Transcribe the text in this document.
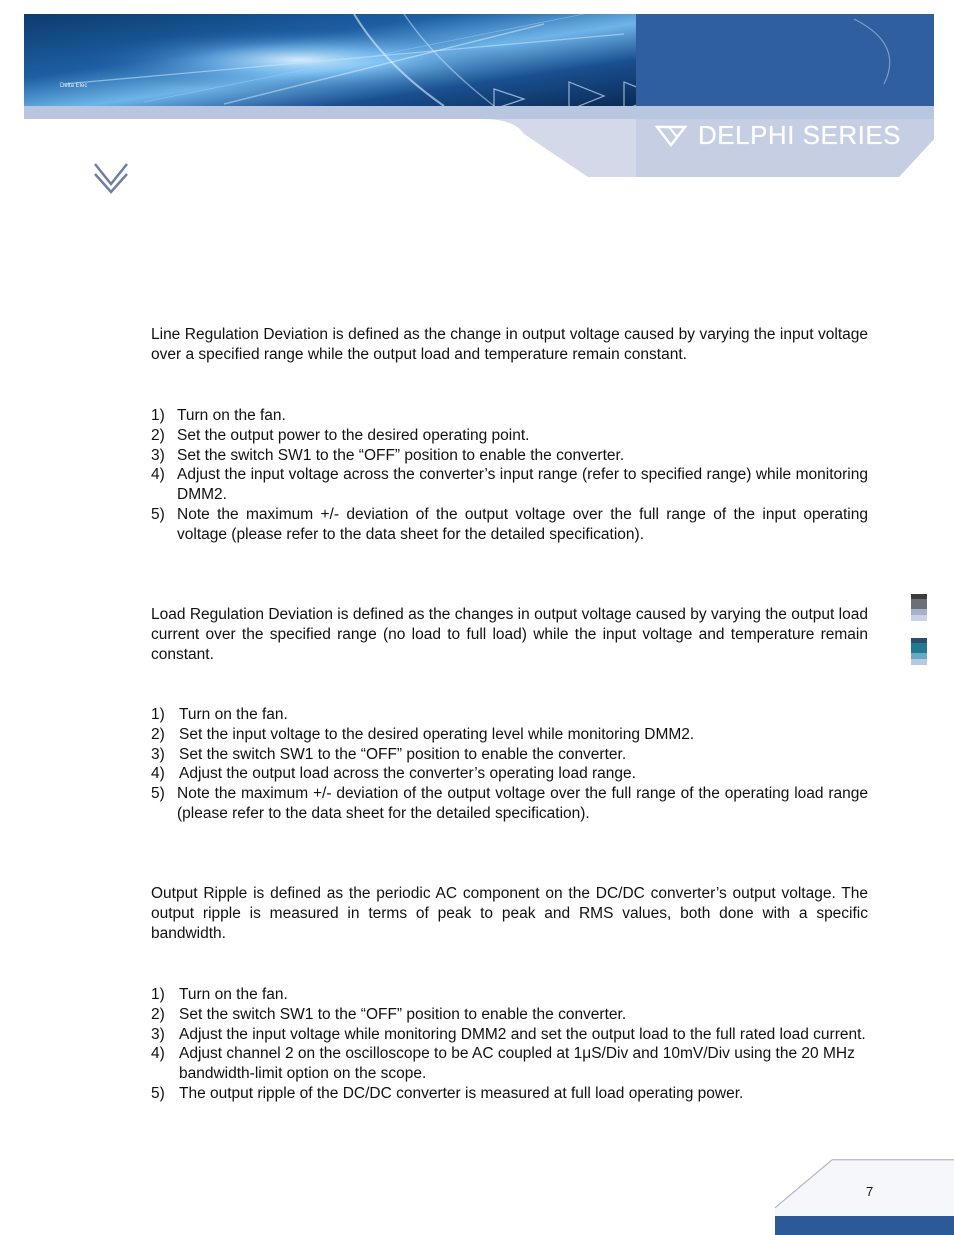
Delta Elec
DELPHI SERIES

Line Regulation Deviation is defined as the change in output voltage caused by varying the input voltage over a specified range while the output load and temperature remain constant.

1) Turn on the fan.
2) Set the output power to the desired operating point.
3) Set the switch SW1 to the “OFF” position to enable the converter.
4) Adjust the input voltage across the converter’s input range (refer to specified range) while monitoring DMM2.
5) Note the maximum +/- deviation of the output voltage over the full range of the input operating voltage (please refer to the data sheet for the detailed specification).

Load Regulation Deviation is defined as the changes in output voltage caused by varying the output load current over the specified range (no load to full load) while the input voltage and temperature remain constant.

1) Turn on the fan.
2) Set the input voltage to the desired operating level while monitoring DMM2.
3) Set the switch SW1 to the “OFF” position to enable the converter.
4) Adjust the output load across the converter’s operating load range.
5) Note the maximum +/- deviation of the output voltage over the full range of the operating load range (please refer to the data sheet for the detailed specification).

Output Ripple is defined as the periodic AC component on the DC/DC converter’s output voltage. The output ripple is measured in terms of peak to peak and RMS values, both done with a specific bandwidth.

1) Turn on the fan.
2) Set the switch SW1 to the “OFF” position to enable the converter.
3) Adjust the input voltage while monitoring DMM2 and set the output load to the full rated load current.
4) Adjust channel 2 on the oscilloscope to be AC coupled at 1μS/Div and 10mV/Div using the 20 MHz bandwidth-limit option on the scope.
5) The output ripple of the DC/DC converter is measured at full load operating power.
7
